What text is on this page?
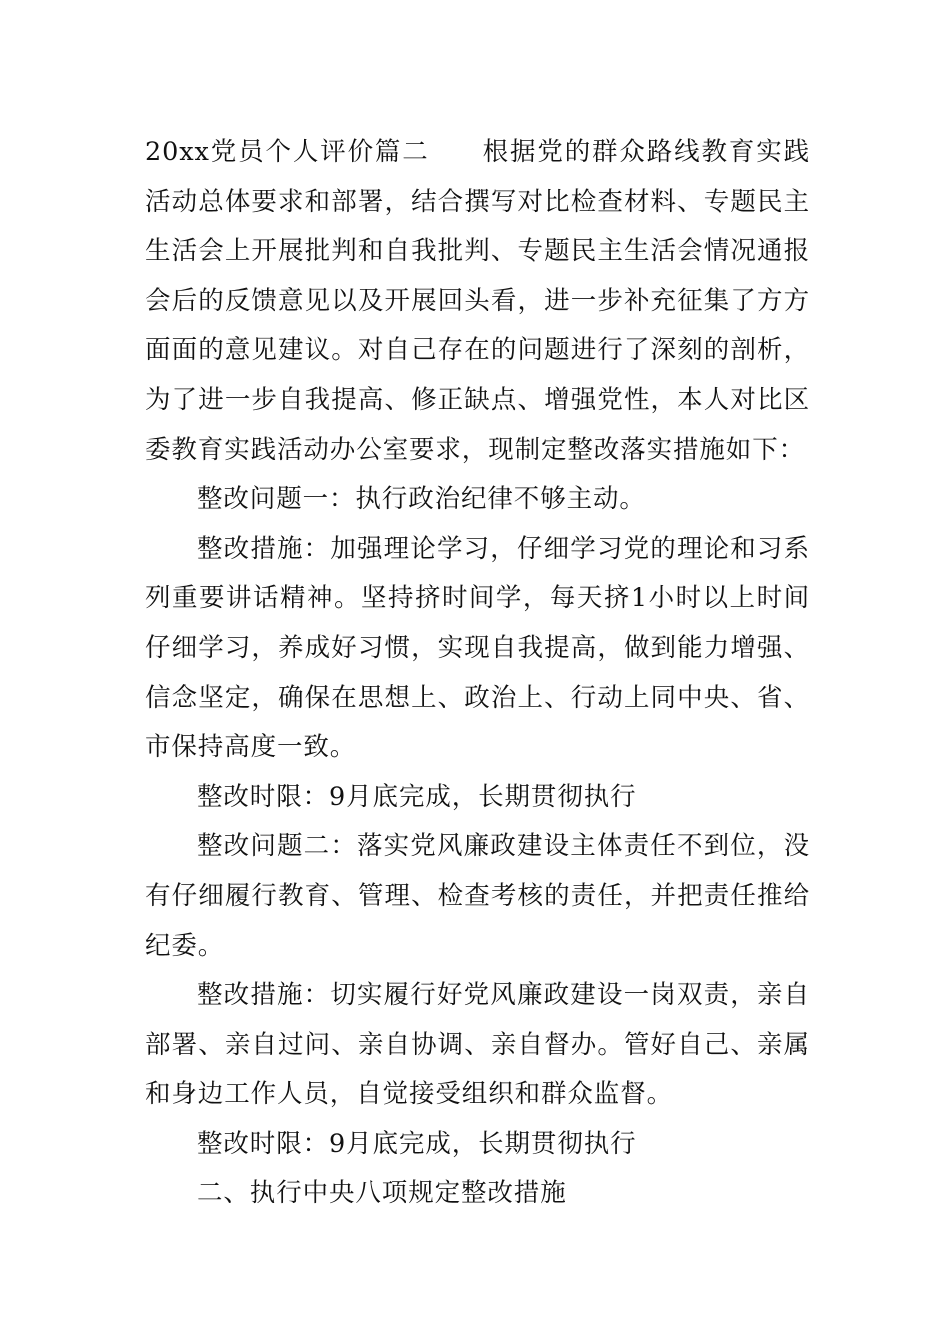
20xx党员个人评价篇二 根据党的群众路线教育实践活动总体要求和部署，结合撰写对比检查材料、专题民主生活会上开展批判和自我批判、专题民主生活会情况通报会后的反馈意见以及开展回头看，进一步补充征集了方方面面的意见建议。对自己存在的问题进行了深刻的剖析，为了进一步自我提高、修正缺点、增强党性，本人对比区委教育实践活动办公室要求，现制定整改落实措施如下：

整改问题一：执行政治纪律不够主动。

整改措施：加强理论学习，仔细学习党的理论和习系列重要讲话精神。坚持挤时间学，每天挤1小时以上时间仔细学习，养成好习惯，实现自我提高，做到能力增强、信念坚定，确保在思想上、政治上、行动上同中央、省、市保持高度一致。

整改时限：9月底完成，长期贯彻执行

整改问题二：落实党风廉政建设主体责任不到位，没有仔细履行教育、管理、检查考核的责任，并把责任推给纪委。

整改措施：切实履行好党风廉政建设一岗双责，亲自部署、亲自过问、亲自协调、亲自督办。管好自己、亲属和身边工作人员，自觉接受组织和群众监督。

整改时限：9月底完成，长期贯彻执行

二、执行中央八项规定整改措施
